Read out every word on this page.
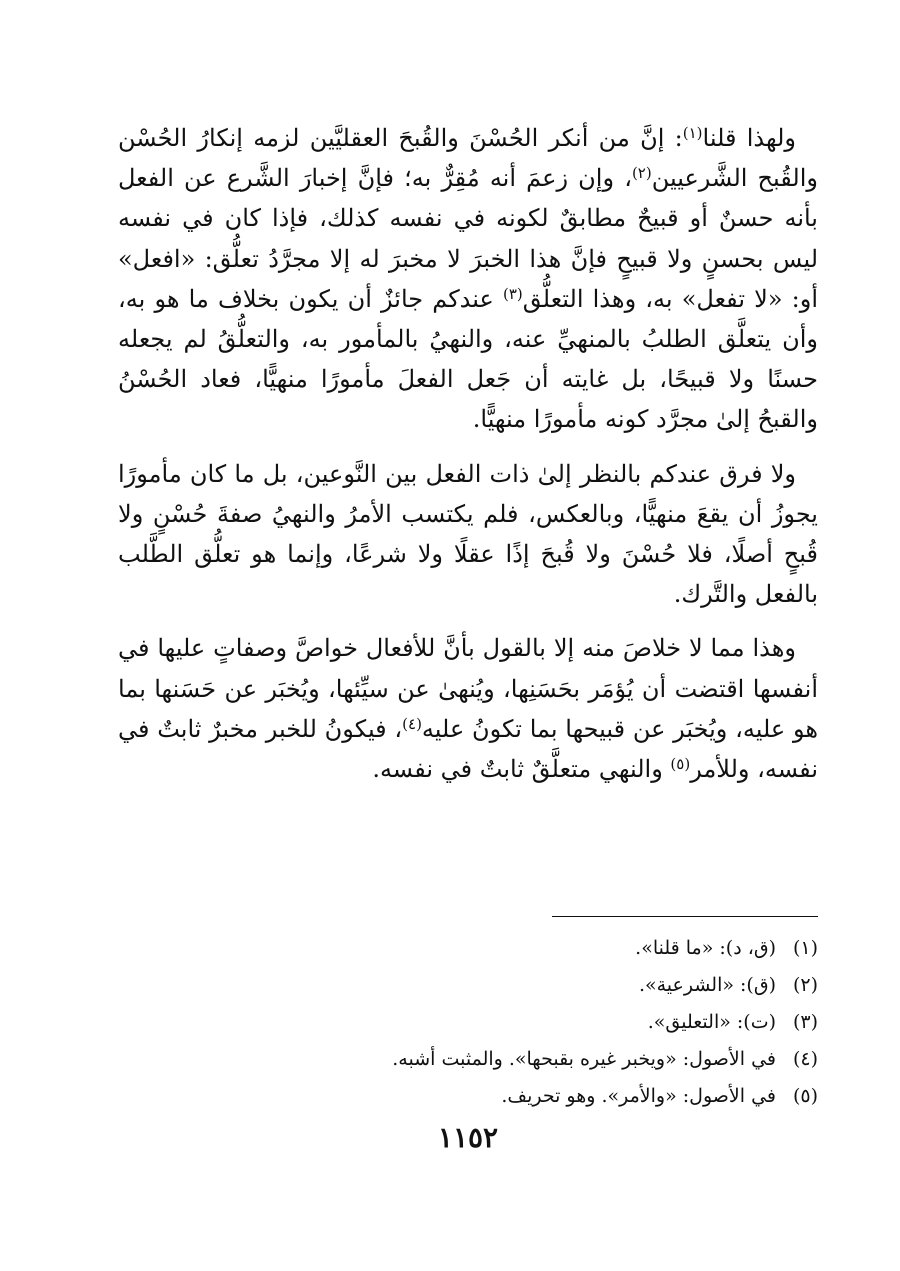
ولهذا قلنا$^{(١)}$: إنَّ من أنكر الحُسْنَ والقُبحَ العقليَّين لزمه إنكارُ الحُسْن والقُبح الشَّرعيين$^{(٢)}$، وإن زعمَ أنه مُقِرٌّ به؛ فإنَّ إخبارَ الشَّرع عن الفعل بأنه حسنٌ أو قبيحٌ مطابقٌ لكونه في نفسه كذلك، فإذا كان في نفسه ليس بحسنٍ ولا قبيحٍ فإنَّ هذا الخبرَ لا مخبرَ له إلا مجرَّدُ تعلُّق: «افعل» أو: «لا تفعل» به، وهذا التعلُّق$^{(٣)}$ عندكم جائزٌ أن يكون بخلاف ما هو به، وأن يتعلَّق الطلبُ بالمنهيِّ عنه، والنهيُ بالمأمور به، والتعلُّقُ لم يجعله حسنًا ولا قبيحًا، بل غايته أن جَعل الفعلَ مأمورًا منهيًّا، فعاد الحُسْنُ والقبحُ إلىٰ مجرَّد كونه مأمورًا منهيًّا.

ولا فرق عندكم بالنظر إلىٰ ذات الفعل بين النَّوعين، بل ما كان مأمورًا يجوزُ أن يقعَ منهيًّا، وبالعكس، فلم يكتسب الأمرُ والنهيُ صفةَ حُسْنٍ ولا قُبحٍ أصلًا، فلا حُسْنَ ولا قُبحَ إذًا عقلًا ولا شرعًا، وإنما هو تعلُّق الطَّلب بالفعل والتَّرك.

وهذا مما لا خلاصَ منه إلا بالقول بأنَّ للأفعال خواصَّ وصفاتٍ عليها في أنفسها اقتضت أن يُؤمَر بحَسَنِها، ويُنهىٰ عن سيِّئها، ويُخبَر عن حَسَنها بما هو عليه، ويُخبَر عن قبيحها بما تكونُ عليه$^{(٤)}$، فيكونُ للخبر مخبرٌ ثابتٌ في نفسه، وللأمر$^{(٥)}$ والنهي متعلَّقٌ ثابتٌ في نفسه.

(١)(ق، د): «ما قلنا».
(٢)(ق): «الشرعية».
(٣)(ت): «التعليق».
(٤)في الأصول: «ويخبر غيره بقبحها». والمثبت أشبه.
(٥)في الأصول: «والأمر». وهو تحريف.
١١٥٢
